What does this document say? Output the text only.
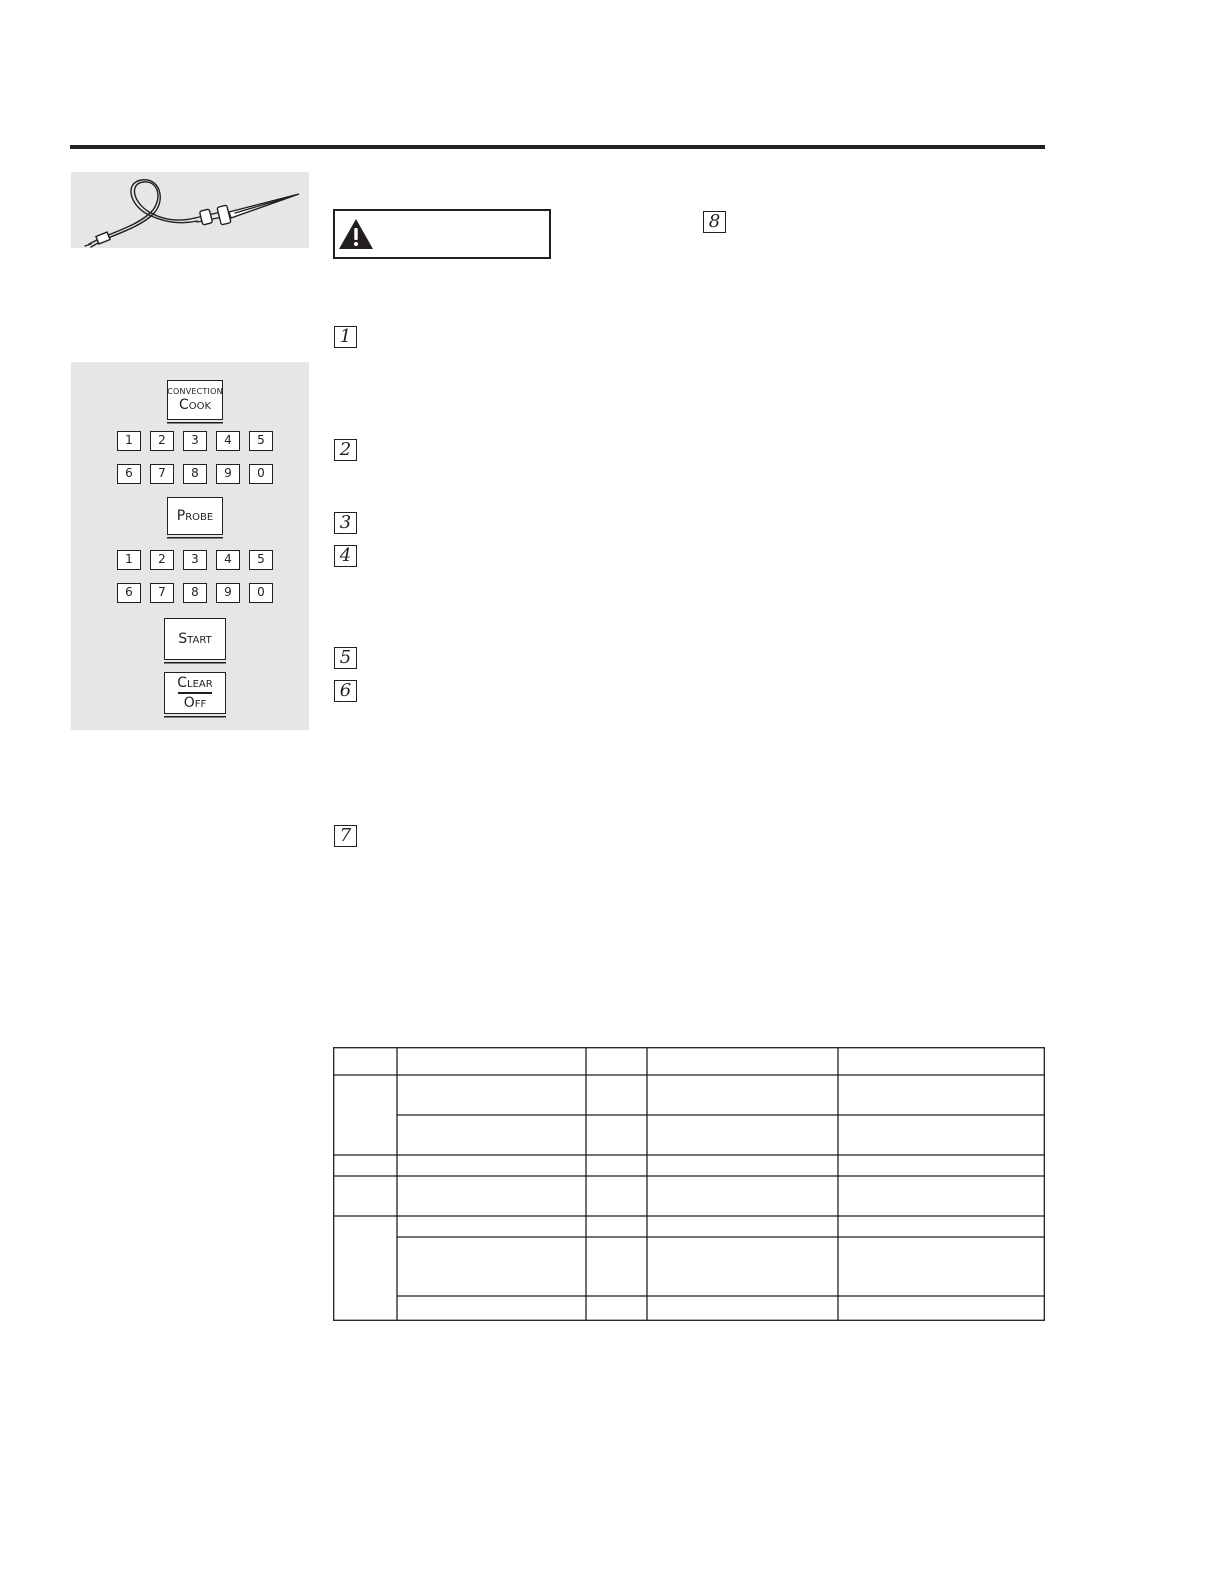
8
1
2
3
4
5
6
7
CONVECTION
Cook
1	2	3	4	5
6	7	8	9	0
Probe
1	2	3	4	5
6	7	8	9	0
Start
Clear
Off
